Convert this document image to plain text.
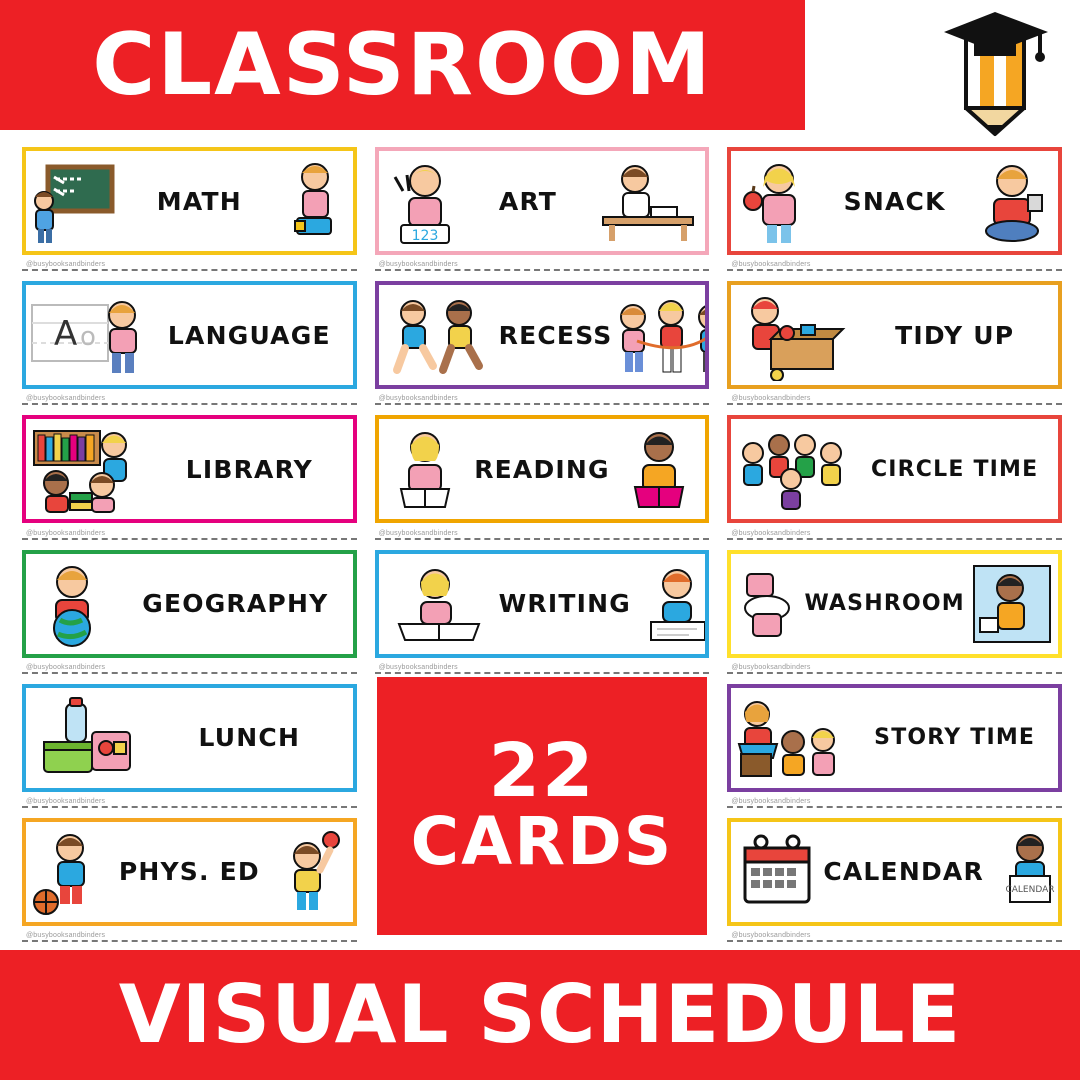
CLASSROOM
MATH
@busybooksandbinders
123
ART
@busybooksandbinders
SNACK
@busybooksandbinders
A o	LANGUAGE
@busybooksandbinders
RECESS
@busybooksandbinders
TIDY UP
@busybooksandbinders
LIBRARY
@busybooksandbinders
READING
@busybooksandbinders
CIRCLE TIME
@busybooksandbinders
GEOGRAPHY
@busybooksandbinders
WRITING
@busybooksandbinders
WASHROOM
@busybooksandbinders
LUNCH
@busybooksandbinders
STORY TIME
@busybooksandbinders
PHYS. ED
@busybooksandbinders
CALENDAR
CALENDAR
@busybooksandbinders
22
CARDS
VISUAL SCHEDULE
